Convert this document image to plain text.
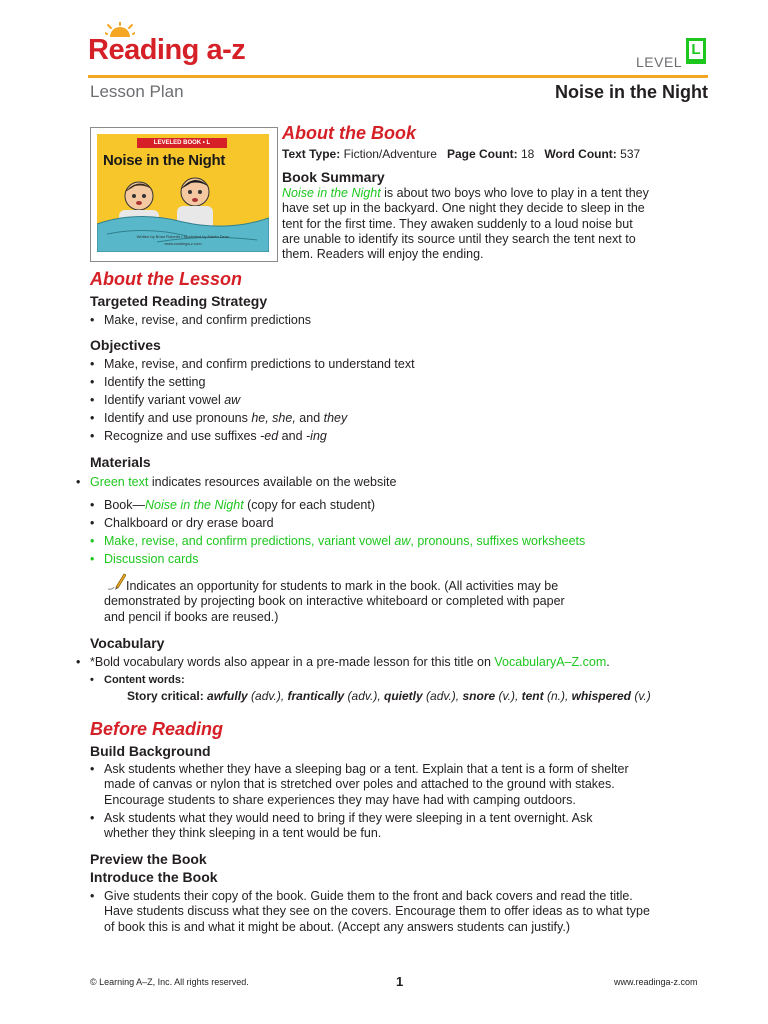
Reading a-z	LEVEL
L
Lesson Plan	Noise in the Night
LEVELED BOOK • L
Noise in the Night
Written by Brian Roberts • Illustrated by Martin Dean
www.readinga-z.com
About the Book
Text Type: Fiction/Adventure Page Count: 18 Word Count: 537
Book Summary
Noise in the Night is about two boys who love to play in a tent they
have set up in the backyard. One night they decide to sleep in the
tent for the first time. They awaken suddenly to a loud noise but
are unable to identify its source until they search the tent next to
them. Readers will enjoy the ending.
About the Lesson
Targeted Reading Strategy
• Make, revise, and confirm predictions
Objectives
• Make, revise, and confirm predictions to understand text
• Identify the setting
• Identify variant vowel aw
• Identify and use pronouns he, she, and they
• Recognize and use suffixes -ed and -ing
Materials
• Green text indicates resources available on the website
• Book—Noise in the Night (copy for each student)
• Chalkboard or dry erase board
• Make, revise, and confirm predictions, variant vowel aw, pronouns, suffixes worksheets
• Discussion cards
Indicates an opportunity for students to mark in the book. (All activities may be
demonstrated by projecting book on interactive whiteboard or completed with paper
and pencil if books are reused.)
Vocabulary
• *Bold vocabulary words also appear in a pre-made lesson for this title on VocabularyA–Z.com.
• Content words:
Story critical: awfully (adv.), frantically (adv.), quietly (adv.), snore (v.), tent (n.), whispered (v.)
Before Reading
Build Background
• Ask students whether they have a sleeping bag or a tent. Explain that a tent is a form of shelter
made of canvas or nylon that is stretched over poles and attached to the ground with stakes.
Encourage students to share experiences they may have had with camping outdoors.
• Ask students what they would need to bring if they were sleeping in a tent overnight. Ask
whether they think sleeping in a tent would be fun.
Preview the Book
Introduce the Book
• Give students their copy of the book. Guide them to the front and back covers and read the title.
Have students discuss what they see on the covers. Encourage them to offer ideas as to what type
of book this is and what it might be about. (Accept any answers students can justify.)
© Learning A–Z, Inc. All rights reserved.	1	www.readinga-z.com
